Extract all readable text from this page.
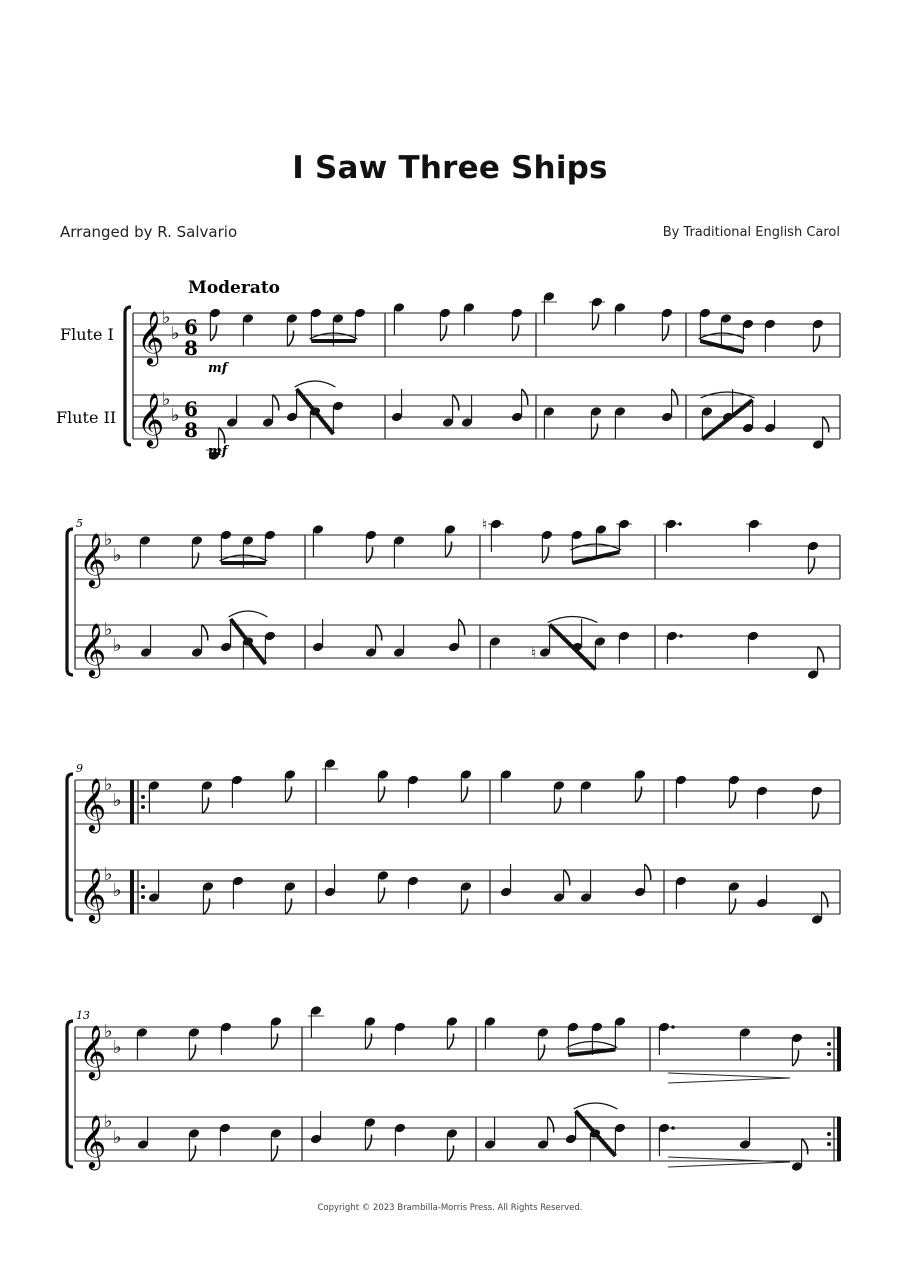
I Saw Three Ships
Arranged by R. Salvario	By Traditional English Carol
𝄞
♭
♭ 6
8
𝄞
♭
♭ 6
8
𝄞
♭
♭
♮
𝄞
♭
♭	♮
5
𝄞
♭
♭
𝄞
♭
♭
9
𝄞
♭
♭
𝄞
♭
♭
13
Flute I
Flute II
Moderato
mf
mf
Copyright © 2023 Brambilla-Morris Press. All Rights Reserved.
